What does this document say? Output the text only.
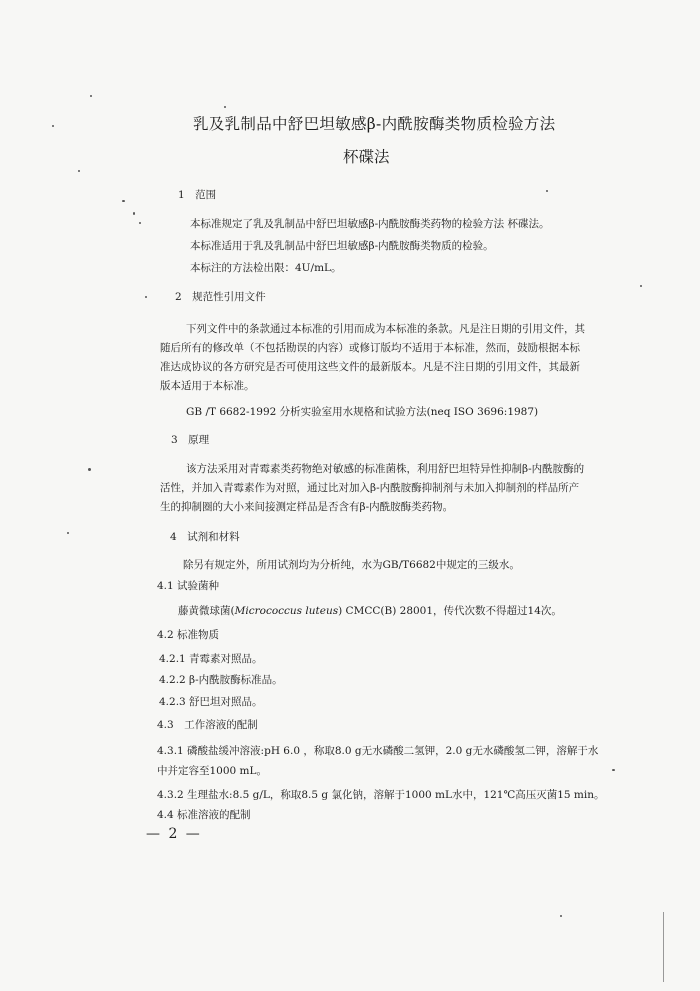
乳及乳制品中舒巴坦敏感β-内酰胺酶类物质检验方法
杯碟法
1　范围
本标准规定了乳及乳制品中舒巴坦敏感β-内酰胺酶类药物的检验方法 杯碟法。
本标准适用于乳及乳制品中舒巴坦敏感β-内酰胺酶类物质的检验。
本标注的方法检出限：4U/mL。
2　规范性引用文件
下列文件中的条款通过本标准的引用而成为本标准的条款。凡是注日期的引用文件，其
随后所有的修改单（不包括勘误的内容）或修订版均不适用于本标准，然而，鼓励根据本标
准达成协议的各方研究是否可使用这些文件的最新版本。凡是不注日期的引用文件，其最新
版本适用于本标准。
GB /T 6682-1992 分析实验室用水规格和试验方法(neq ISO 3696:1987)
3　原理
该方法采用对青霉素类药物绝对敏感的标准菌株，利用舒巴坦特异性抑制β-内酰胺酶的
活性，并加入青霉素作为对照，通过比对加入β-内酰胺酶抑制剂与未加入抑制剂的样品所产
生的抑制圈的大小来间接测定样品是否含有β-内酰胺酶类药物。
4　试剂和材料
除另有规定外，所用试剂均为分析纯，水为GB/T6682中规定的三级水。
4.1 试验菌种
藤黄微球菌(Micrococcus luteus) CMCC(B) 28001，传代次数不得超过14次。
4.2 标准物质
4.2.1 青霉素对照品。
4.2.2 β-内酰胺酶标准品。
4.2.3 舒巴坦对照品。
4.3　工作溶液的配制
4.3.1 磷酸盐缓冲溶液:pH 6.0 ，称取8.0 g无水磷酸二氢钾，2.0 g无水磷酸氢二钾，溶解于水
中并定容至1000 mL。
4.3.2 生理盐水:8.5 g/L，称取8.5 g 氯化钠，溶解于1000 mL水中，121℃高压灭菌15 min。
4.4 标准溶液的配制
— 2 —
